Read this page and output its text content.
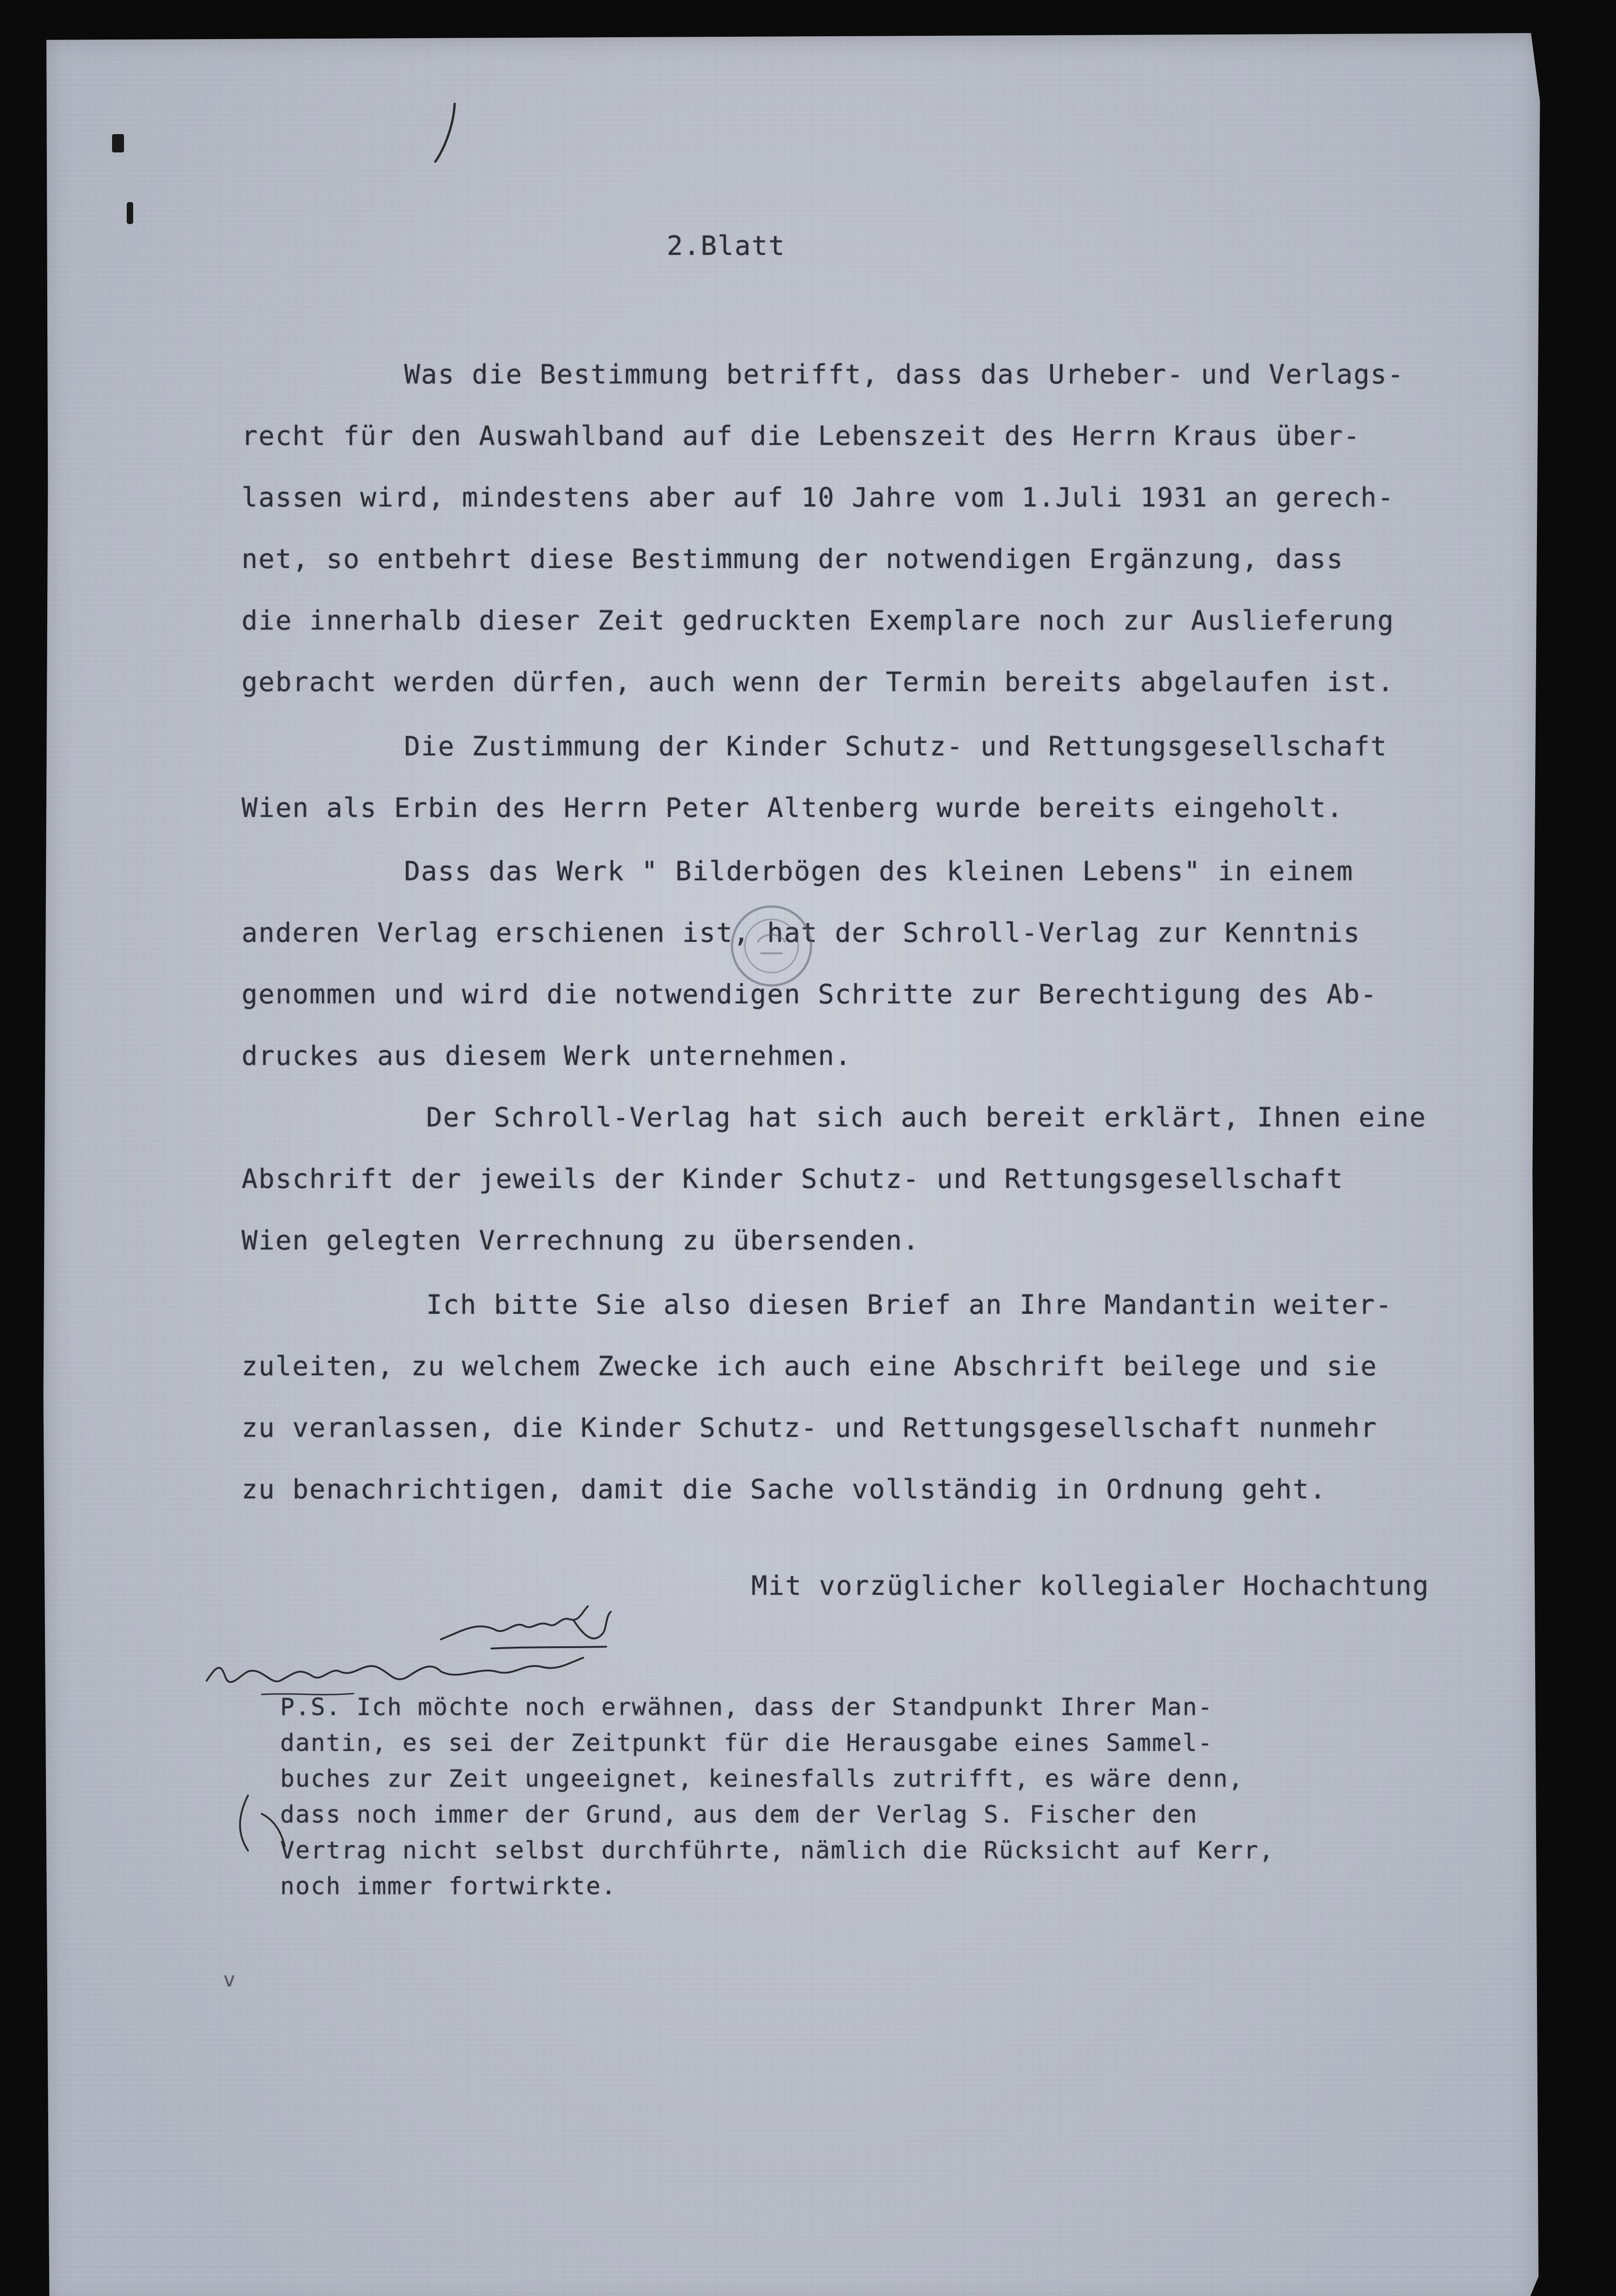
2.Blatt
Was die Bestimmung betrifft, dass das Urheber- und Verlags-
recht für den Auswahlband auf die Lebenszeit des Herrn Kraus über-
lassen wird, mindestens aber auf 10 Jahre vom 1.Juli 1931 an gerech-
net, so entbehrt diese Bestimmung der notwendigen Ergänzung, dass
die innerhalb dieser Zeit gedruckten Exemplare noch zur Auslieferung
gebracht werden dürfen, auch wenn der Termin bereits abgelaufen ist.
Die Zustimmung der Kinder Schutz- und Rettungsgesellschaft
Wien als Erbin des Herrn Peter Altenberg wurde bereits eingeholt.
Dass das Werk " Bilderbögen des kleinen Lebens" in einem
anderen Verlag erschienen ist, hat der Schroll-Verlag zur Kenntnis
genommen und wird die notwendigen Schritte zur Berechtigung des Ab-
druckes aus diesem Werk unternehmen.
Der Schroll-Verlag hat sich auch bereit erklärt, Ihnen eine
Abschrift der jeweils der Kinder Schutz- und Rettungsgesellschaft
Wien gelegten Verrechnung zu übersenden.
Ich bitte Sie also diesen Brief an Ihre Mandantin weiter-
zuleiten, zu welchem Zwecke ich auch eine Abschrift beilege und sie
zu veranlassen, die Kinder Schutz- und Rettungsgesellschaft nunmehr
zu benachrichtigen, damit die Sache vollständig in Ordnung geht.
Mit vorzüglicher kollegialer Hochachtung
P.S. Ich möchte noch erwähnen, dass der Standpunkt Ihrer Man-
dantin, es sei der Zeitpunkt für die Herausgabe eines Sammel-
buches zur Zeit ungeeignet, keinesfalls zutrifft, es wäre denn,
dass noch immer der Grund, aus dem der Verlag S. Fischer den
Vertrag nicht selbst durchführte, nämlich die Rücksicht auf Kerr,
noch immer fortwirkte.
v
